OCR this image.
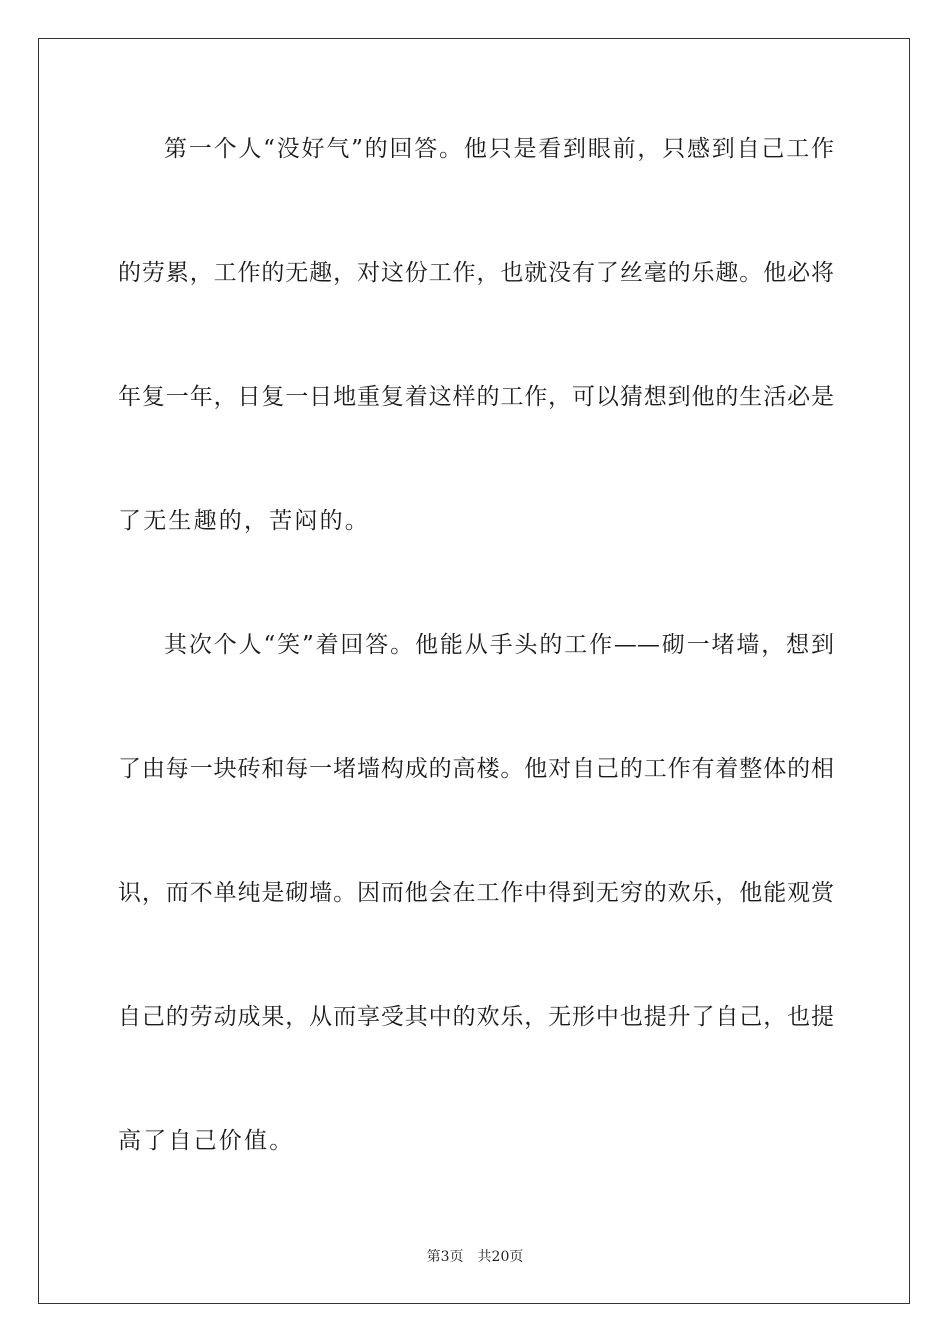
第一个人“没好气”的回答。他只是看到眼前，只感到自己工作
的劳累，工作的无趣，对这份工作，也就没有了丝毫的乐趣。他必将
年复一年，日复一日地重复着这样的工作，可以猜想到他的生活必是
了无生趣的，苦闷的。
其次个人“笑”着回答。他能从手头的工作——砌一堵墙，想到
了由每一块砖和每一堵墙构成的高楼。他对自己的工作有着整体的相
识，而不单纯是砌墙。因而他会在工作中得到无穷的欢乐，他能观赏
自己的劳动成果，从而享受其中的欢乐，无形中也提升了自己，也提
高了自己价值。
第3页 共20页
